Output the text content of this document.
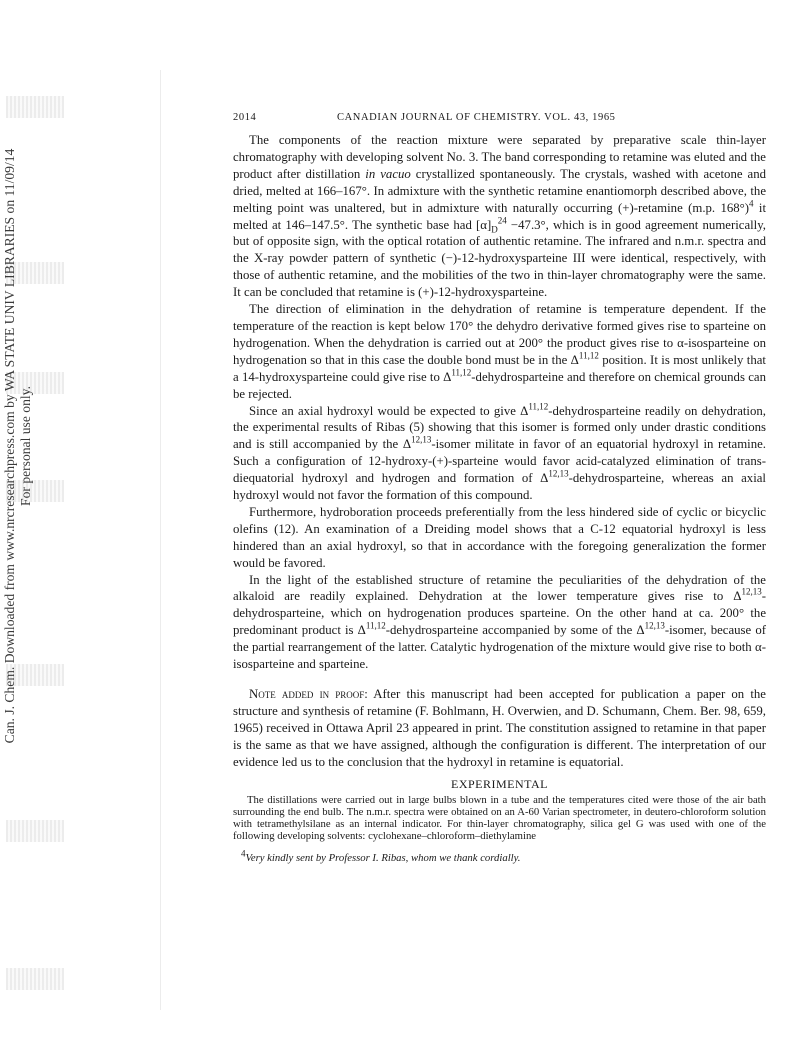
Can. J. Chem. Downloaded from www.nrcresearchpress.com by WA STATE UNIV LIBRARIES on 11/09/14 For personal use only.
2014	CANADIAN JOURNAL OF CHEMISTRY. VOL. 43, 1965

The components of the reaction mixture were separated by preparative scale thin-layer chromatography with developing solvent No. 3. The band corresponding to retamine was eluted and the product after distillation in vacuo crystallized spontaneously. The crystals, washed with acetone and dried, melted at 166–167°. In admixture with the synthetic retamine enantiomorph described above, the melting point was unaltered, but in admixture with naturally occurring (+)-retamine (m.p. 168°)$^4$ it melted at 146–147.5°. The synthetic base had $[\alpha]_D^{24} -47.3^\circ$, which is in good agreement numerically, but of opposite sign, with the optical rotation of authentic retamine. The infrared and n.m.r. spectra and the X-ray powder pattern of synthetic (−)-12-hydroxysparteine III were identical, respectively, with those of authentic retamine, and the mobilities of the two in thin-layer chromatography were the same. It can be concluded that retamine is (+)-12-hydroxysparteine.

The direction of elimination in the dehydration of retamine is temperature dependent. If the temperature of the reaction is kept below 170° the dehydro derivative formed gives rise to sparteine on hydrogenation. When the dehydration is carried out at 200° the product gives rise to α-isosparteine on hydrogenation so that in this case the double bond must be in the Δ$^{11,12}$ position. It is most unlikely that a 14-hydroxysparteine could give rise to Δ$^{11,12}$-dehydrosparteine and therefore on chemical grounds can be rejected.

Since an axial hydroxyl would be expected to give Δ$^{11,12}$-dehydrosparteine readily on dehydration, the experimental results of Ribas (5) showing that this isomer is formed only under drastic conditions and is still accompanied by the Δ$^{12,13}$-isomer militate in favor of an equatorial hydroxyl in retamine. Such a configuration of 12-hydroxy-(+)-sparteine would favor acid-catalyzed elimination of trans-diequatorial hydroxyl and hydrogen and formation of Δ$^{12,13}$-dehydrosparteine, whereas an axial hydroxyl would not favor the formation of this compound.

Furthermore, hydroboration proceeds preferentially from the less hindered side of cyclic or bicyclic olefins (12). An examination of a Dreiding model shows that a C-12 equatorial hydroxyl is less hindered than an axial hydroxyl, so that in accordance with the foregoing generalization the former would be favored.

In the light of the established structure of retamine the peculiarities of the dehydration of the alkaloid are readily explained. Dehydration at the lower temperature gives rise to Δ$^{12,13}$-dehydrosparteine, which on hydrogenation produces sparteine. On the other hand at ca. 200° the predominant product is Δ$^{11,12}$-dehydrosparteine accompanied by some of the Δ$^{12,13}$-isomer, because of the partial rearrangement of the latter. Catalytic hydrogenation of the mixture would give rise to both α-isosparteine and sparteine.

Note added in proof: After this manuscript had been accepted for publication a paper on the structure and synthesis of retamine (F. Bohlmann, H. Overwien, and D. Schumann, Chem. Ber. 98, 659, 1965) received in Ottawa April 23 appeared in print. The constitution assigned to retamine in that paper is the same as that we have assigned, although the configuration is different. The interpretation of our evidence led us to the conclusion that the hydroxyl in retamine is equatorial.

EXPERIMENTAL

The distillations were carried out in large bulbs blown in a tube and the temperatures cited were those of the air bath surrounding the end bulb. The n.m.r. spectra were obtained on an A-60 Varian spectrometer, in deutero-chloroform solution with tetramethylsilane as an internal indicator. For thin-layer chromatography, silica gel G was used with one of the following developing solvents: cyclohexane–chloroform–diethylamine

$^4$Very kindly sent by Professor I. Ribas, whom we thank cordially.
